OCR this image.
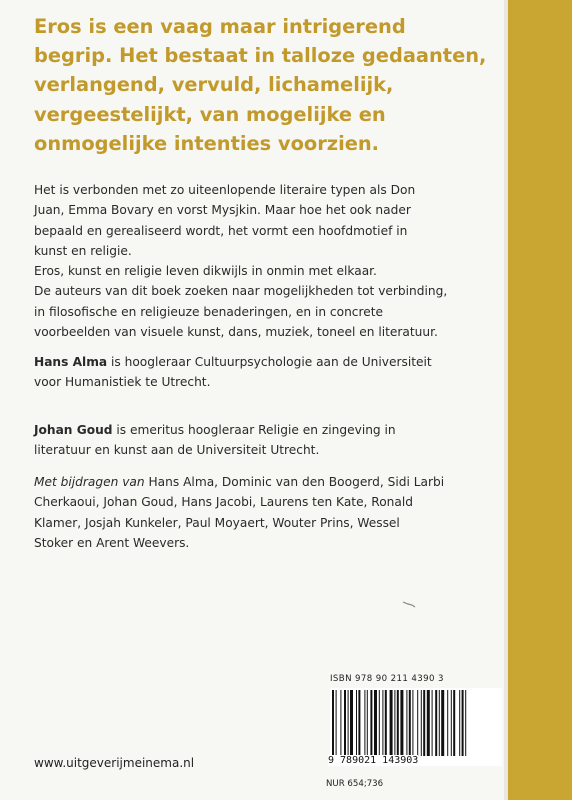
Eros is een vaag maar intrigerend
begrip. Het bestaat in talloze gedaanten,
verlangend, vervuld, lichamelijk,
vergeestelijkt, van mogelijke en
onmogelijke intenties voorzien.
Het is verbonden met zo uiteenlopende literaire typen als Don
Juan, Emma Bovary en vorst Mysjkin. Maar hoe het ook nader
bepaald en gerealiseerd wordt, het vormt een hoofdmotief in
kunst en religie.
Eros, kunst en religie leven dikwijls in onmin met elkaar.
De auteurs van dit boek zoeken naar mogelijkheden tot verbinding,
in filosofische en religieuze benaderingen, en in concrete
voorbeelden van visuele kunst, dans, muziek, toneel en literatuur.
Hans Alma is hoogleraar Cultuurpsychologie aan de Universiteit
voor Humanistiek te Utrecht.
Johan Goud is emeritus hoogleraar Religie en zingeving in
literatuur en kunst aan de Universiteit Utrecht.
Met bijdragen van Hans Alma, Dominic van den Boogerd, Sidi Larbi
Cherkaoui, Johan Goud, Hans Jacobi, Laurens ten Kate, Ronald
Klamer, Josjah Kunkeler, Paul Moyaert, Wouter Prins, Wessel
Stoker en Arent Weevers.
ISBN 978 90 211 4390 3
9 789021 143903
NUR 654;736
www.uitgeverijmeinema.nl
